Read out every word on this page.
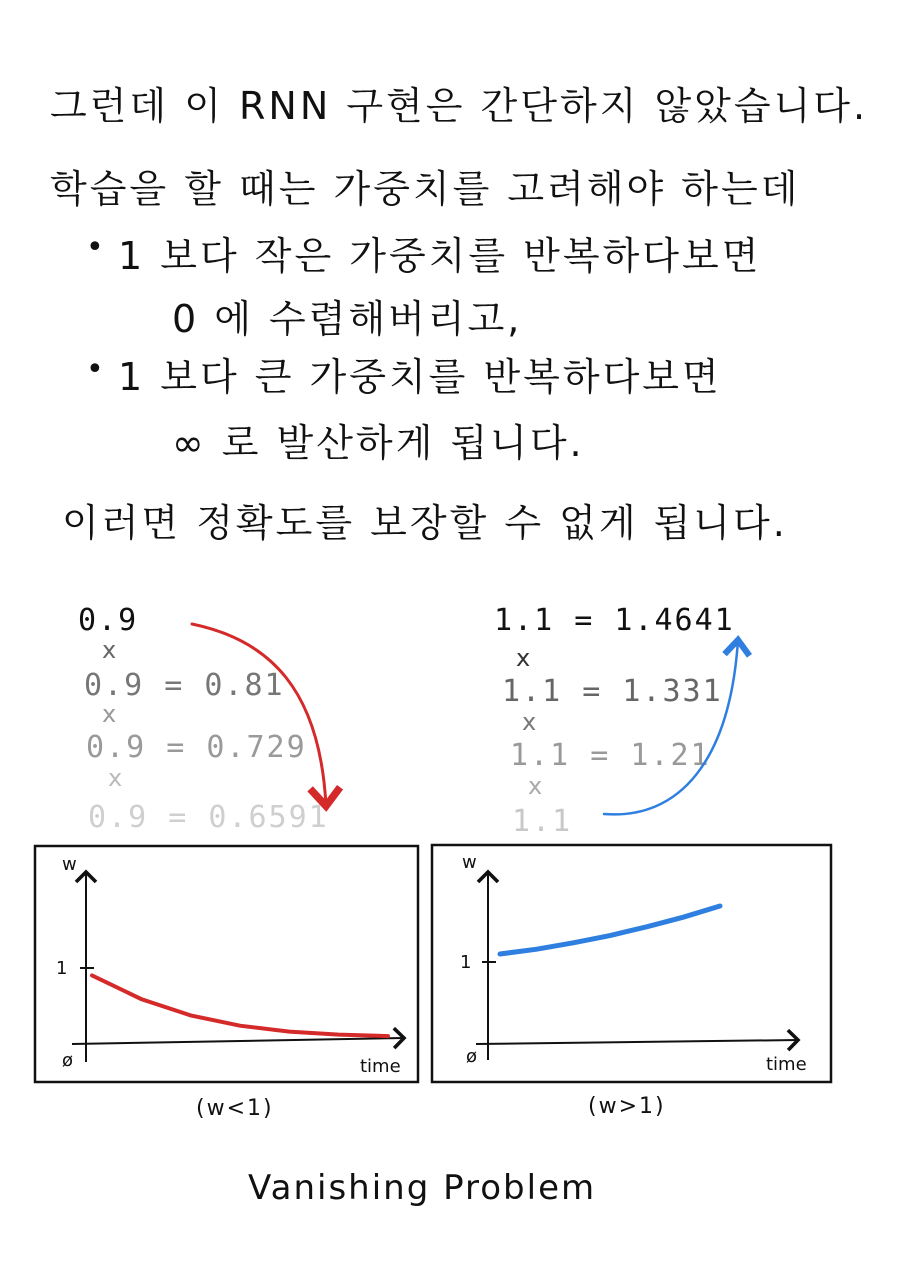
그런데 이 RNN 구현은 간단하지 않았습니다.
학습을 할 때는 가중치를 고려해야 하는데
• 1 보다 작은 가중치를 반복하다보면
0 에 수렴해버리고,
• 1 보다 큰 가중치를 반복하다보면
∞ 로 발산하게 됩니다.
이러면 정확도를 보장할 수 없게 됩니다.
0.9
x
0.9 = 0.81
x
0.9 = 0.729
x
0.9 = 0.6591
1.1 = 1.4641
x
1.1 = 1.331
x
1.1 = 1.21
x
1.1
w
1
ø	time
w
1
ø	time
(w<1)	(w>1)
Vanishing Problem
